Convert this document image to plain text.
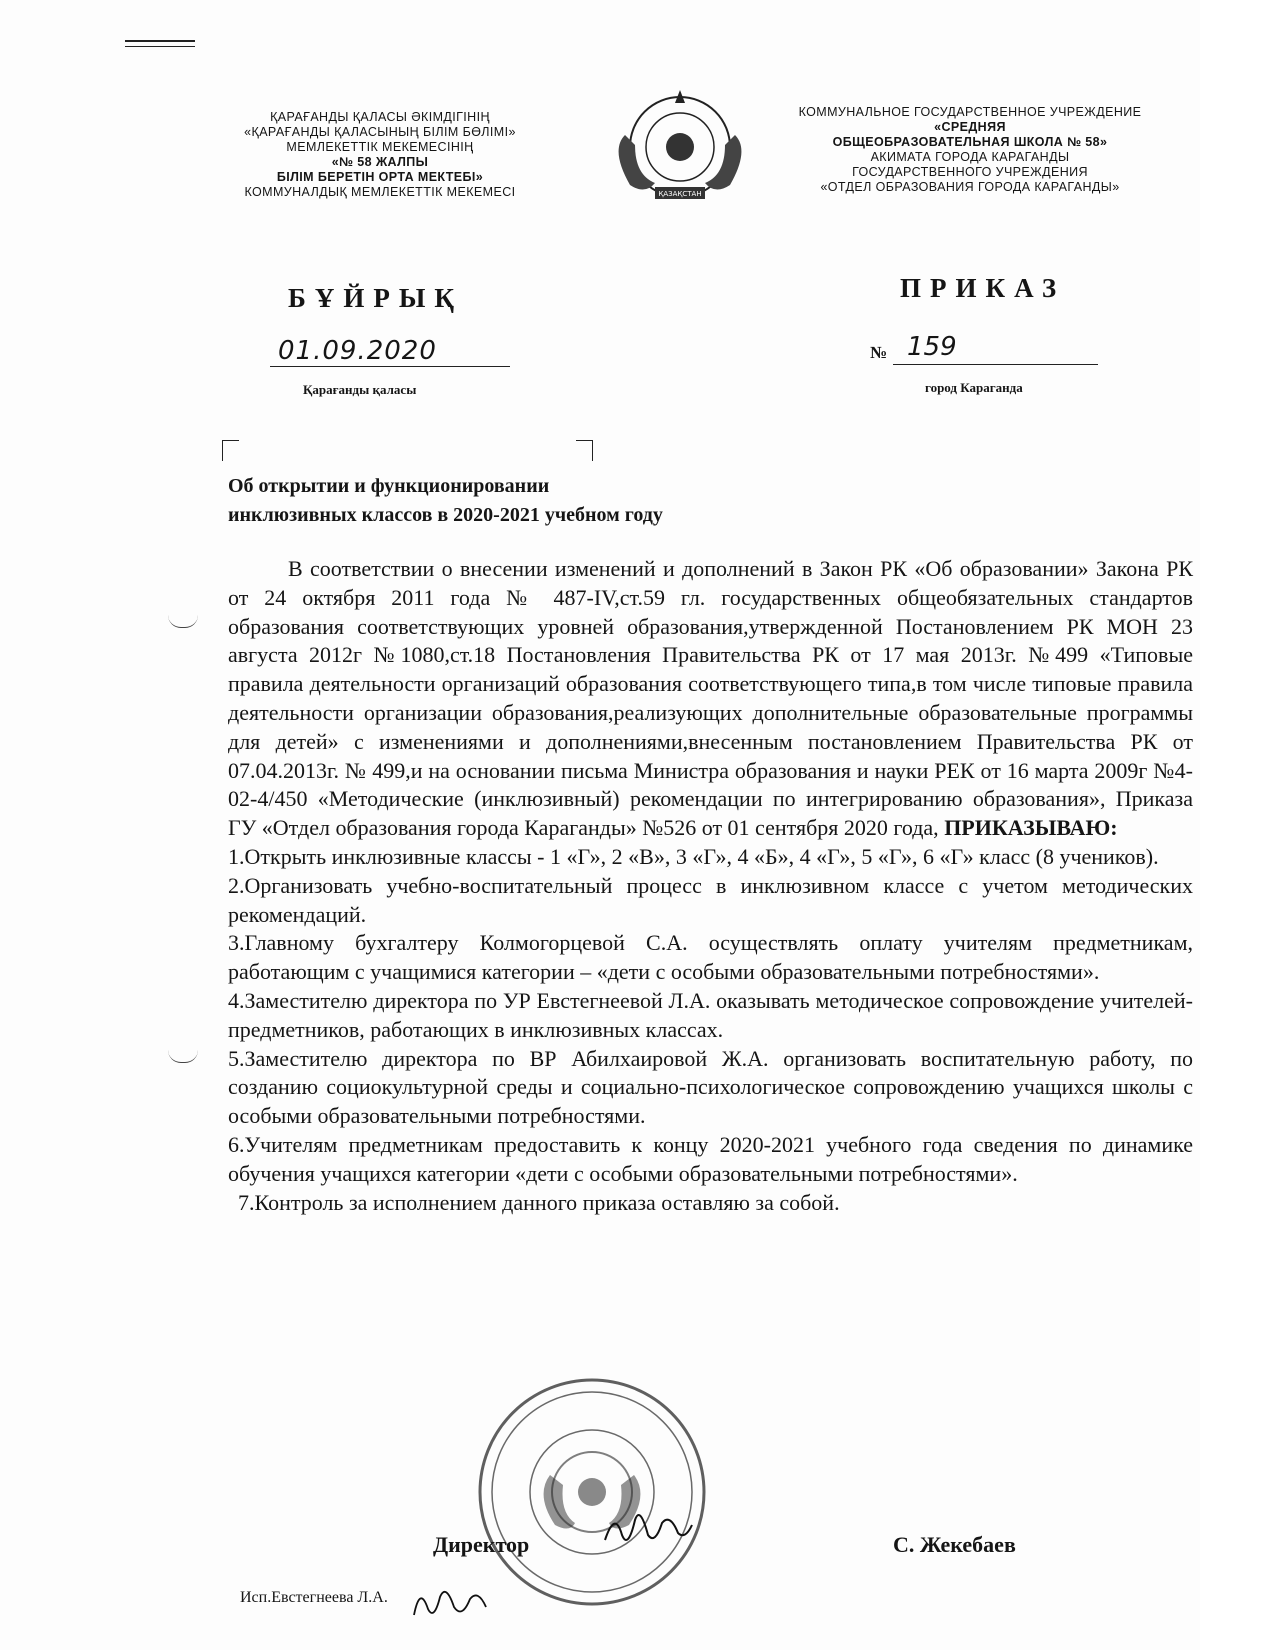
ҚАРАҒАНДЫ ҚАЛАСЫ ӘКІМДІГІНІҢ
«ҚАРАҒАНДЫ ҚАЛАСЫНЫҢ БІЛІМ БӨЛІМІ»
МЕМЛЕКЕТТІК МЕКЕМЕСІНІҢ
«№ 58 ЖАЛПЫ
БІЛІМ БЕРЕТІН ОРТА МЕКТЕБІ»
КОММУНАЛДЫҚ МЕМЛЕКЕТТІК МЕКЕМЕСІ	ҚАЗАҚСТАН
КОММУНАЛЬНОЕ ГОСУДАРСТВЕННОЕ УЧРЕЖДЕНИЕ
«СРЕДНЯЯ
ОБЩЕОБРАЗОВАТЕЛЬНАЯ ШКОЛА № 58»
АКИМАТА ГОРОДА КАРАГАНДЫ
ГОСУДАРСТВЕННОГО УЧРЕЖДЕНИЯ
«ОТДЕЛ ОБРАЗОВАНИЯ ГОРОДА КАРАГАНДЫ»
БҰЙРЫҚ	ПРИКАЗ
01.09.2020	№ 159
Қарағанды қаласы	город Караганда
Об открытии и функционировании
инклюзивных классов в 2020-2021 учебном году

В соответствии о внесении изменений и дополнений в Закон РК «Об образовании» Закона РК от 24 октября 2011 года № 487-IV,ст.59 гл. государственных общеобязательных стандартов образования соответствующих уровней образования,утвержденной Постановлением РК МОН 23 августа 2012г №1080,ст.18 Постановления Правительства РК от 17 мая 2013г. №499 «Типовые правила деятельности организаций образования соответствующего типа,в том числе типовые правила деятельности организации образования,реализующих дополнительные образовательные программы для детей» с изменениями и дополнениями,внесенным постановлением Правительства РК от 07.04.2013г. № 499,и на основании письма Министра образования и науки РЕК от 16 марта 2009г №4-02-4/450 «Методические (инклюзивный) рекомендации по интегрированию образования», Приказа ГУ «Отдел образования города Караганды» №526 от 01 сентября 2020 года, ПРИКАЗЫВАЮ:

1.Открыть инклюзивные классы - 1 «Г», 2 «В», 3 «Г», 4 «Б», 4 «Г», 5 «Г», 6 «Г» класс (8 учеников).

2.Организовать учебно-воспитательный процесс в инклюзивном классе с учетом методических рекомендаций.

3.Главному бухгалтеру Колмогорцевой С.А. осуществлять оплату учителям предметникам, работающим с учащимися категории – «дети с особыми образовательными потребностями».

4.Заместителю директора по УР Евстегнеевой Л.А. оказывать методическое сопровождение учителей-предметников, работающих в инклюзивных классах.

5.Заместителю директора по ВР Абилхаировой Ж.А. организовать воспитательную работу, по созданию социокультурной среды и социально-психологическое сопровождению учащихся школы с особыми образовательными потребностями.

6.Учителям предметникам предоставить к концу 2020-2021 учебного года сведения по динамике обучения учащихся категории «дети с особыми образовательными потребностями».

7.Контроль за исполнением данного приказа оставляю за собой.

Директор	С. Жекебаев
Исп.Евстегнеева Л.А.
